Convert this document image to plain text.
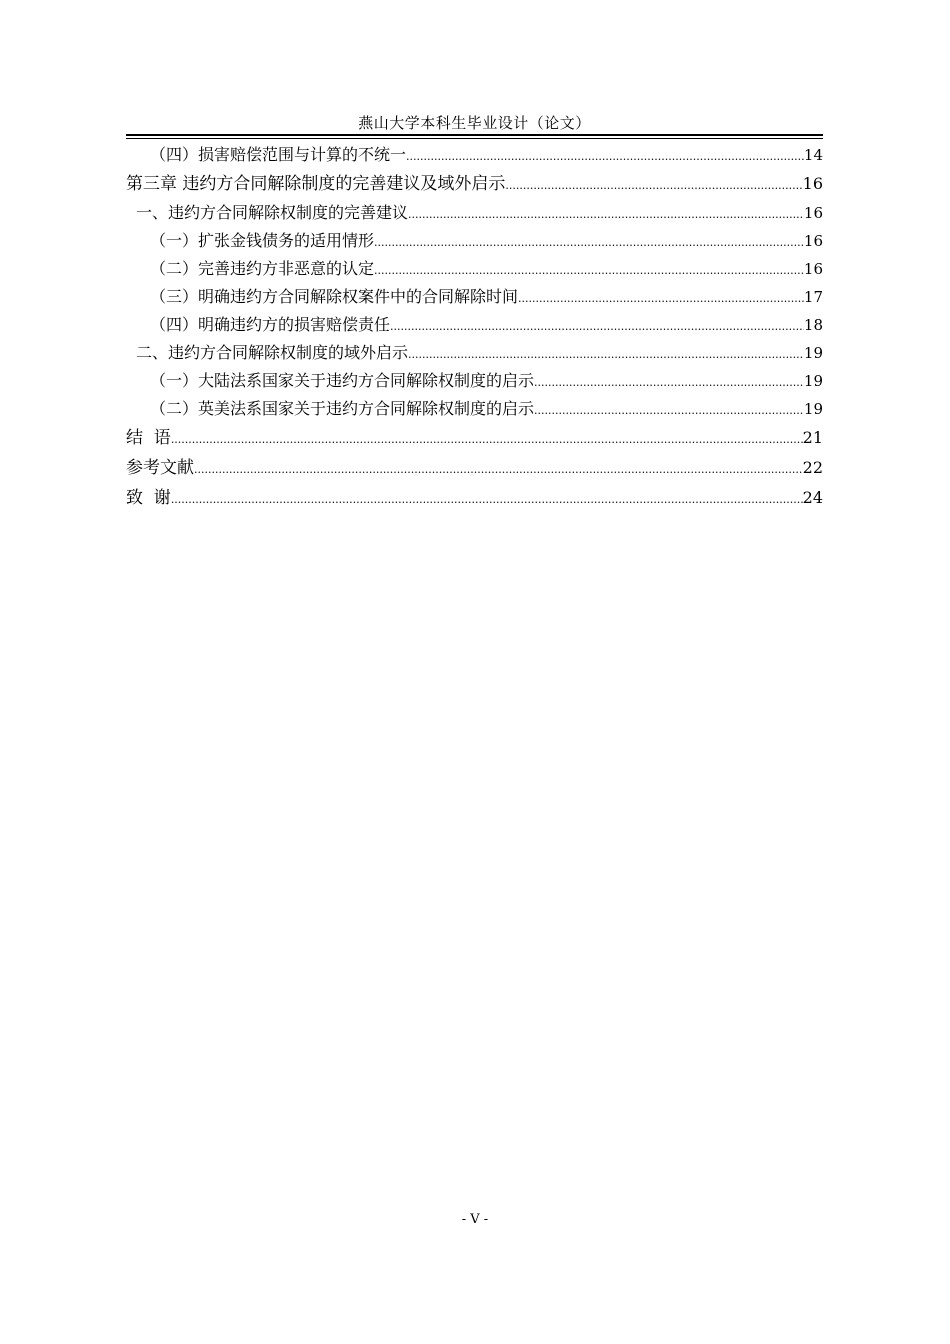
燕山大学本科生毕业设计（论文）
（四）损害赔偿范围与计算的不统一 .....	14
第三章 违约方合同解除制度的完善建议及域外启示 .....	16
一、违约方合同解除权制度的完善建议 .....	16
（一）扩张金钱债务的适用情形 .....	16
（二）完善违约方非恶意的认定 .....	16
（三）明确违约方合同解除权案件中的合同解除时间 .....	17
（四）明确违约方的损害赔偿责任 .....	18
二、违约方合同解除权制度的域外启示 .....	19
（一）大陆法系国家关于违约方合同解除权制度的启示 .....	19
（二）英美法系国家关于违约方合同解除权制度的启示 .....	19
结  语 .....	21
参考文献 .....	22
致  谢 .....	24
- V -
